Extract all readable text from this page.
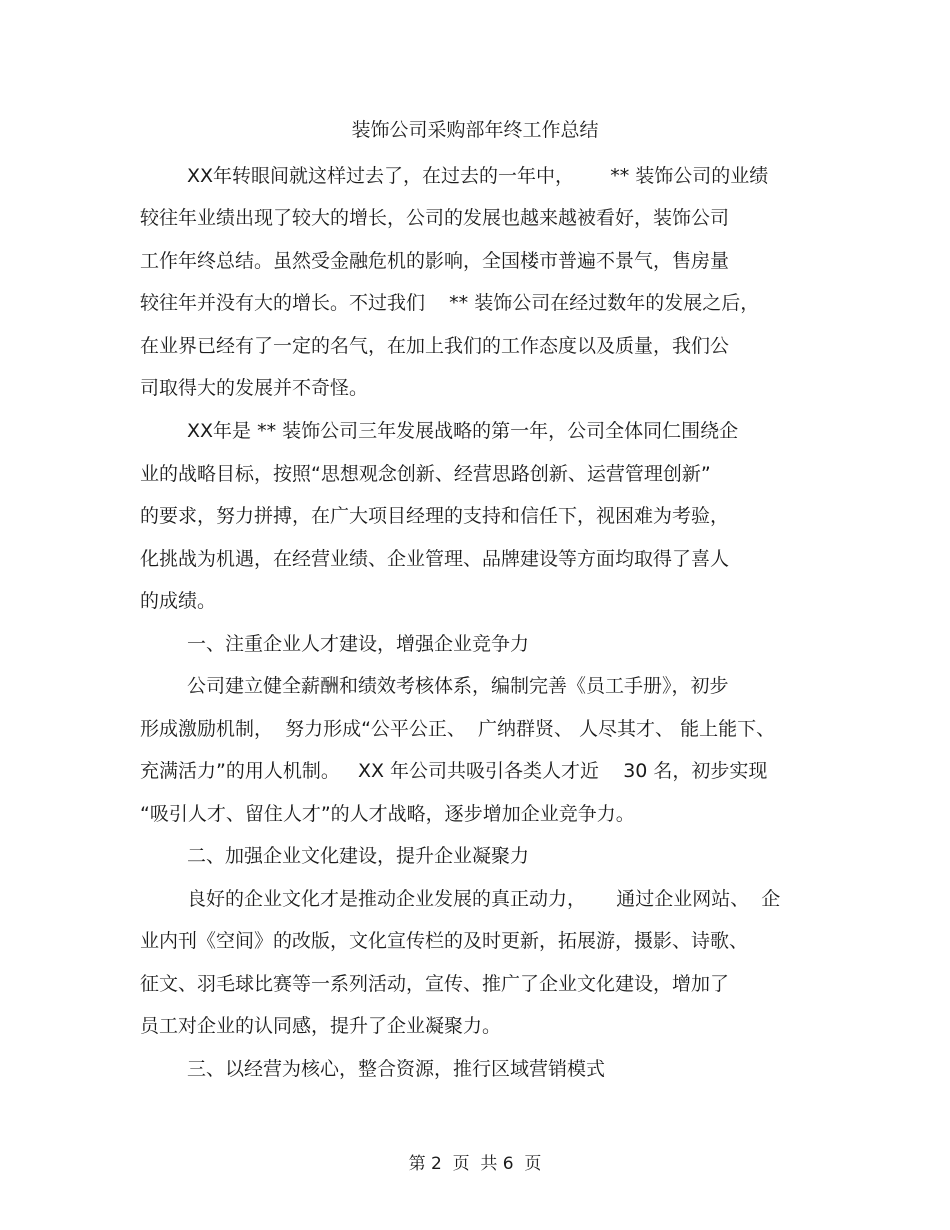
装饰公司采购部年终工作总结
XX年转眼间就这样过去了，在过去的一年中，      ** 装饰公司的业绩
较往年业绩出现了较大的增长，公司的发展也越来越被看好，装饰公司
工作年终总结。虽然受金融危机的影响，全国楼市普遍不景气，售房量
较往年并没有大的增长。不过我们    ** 装饰公司在经过数年的发展之后，
在业界已经有了一定的名气，在加上我们的工作态度以及质量，我们公
司取得大的发展并不奇怪。
XX年是 ** 装饰公司三年发展战略的第一年，公司全体同仁围绕企
业的战略目标，按照“思想观念创新、经营思路创新、运营管理创新”
的要求，努力拼搏，在广大项目经理的支持和信任下，视困难为考验，
化挑战为机遇，在经营业绩、企业管理、品牌建设等方面均取得了喜人
的成绩。
一、注重企业人才建设，增强企业竞争力
公司建立健全薪酬和绩效考核体系，编制完善《员工手册》，初步
形成激励机制，  努力形成“公平公正、  广纳群贤、 人尽其才、 能上能下、
充满活力”的用人机制。   XX 年公司共吸引各类人才近    30 名，初步实现
“吸引人才、留住人才”的人才战略，逐步增加企业竞争力。
二、加强企业文化建设，提升企业凝聚力
良好的企业文化才是推动企业发展的真正动力，     通过企业网站、  企
业内刊《空间》的改版，文化宣传栏的及时更新，拓展游，摄影、诗歌、
征文、羽毛球比赛等一系列活动，宣传、推广了企业文化建设，增加了
员工对企业的认同感，提升了企业凝聚力。
三、以经营为核心，整合资源，推行区域营销模式
第 2  页  共 6  页
